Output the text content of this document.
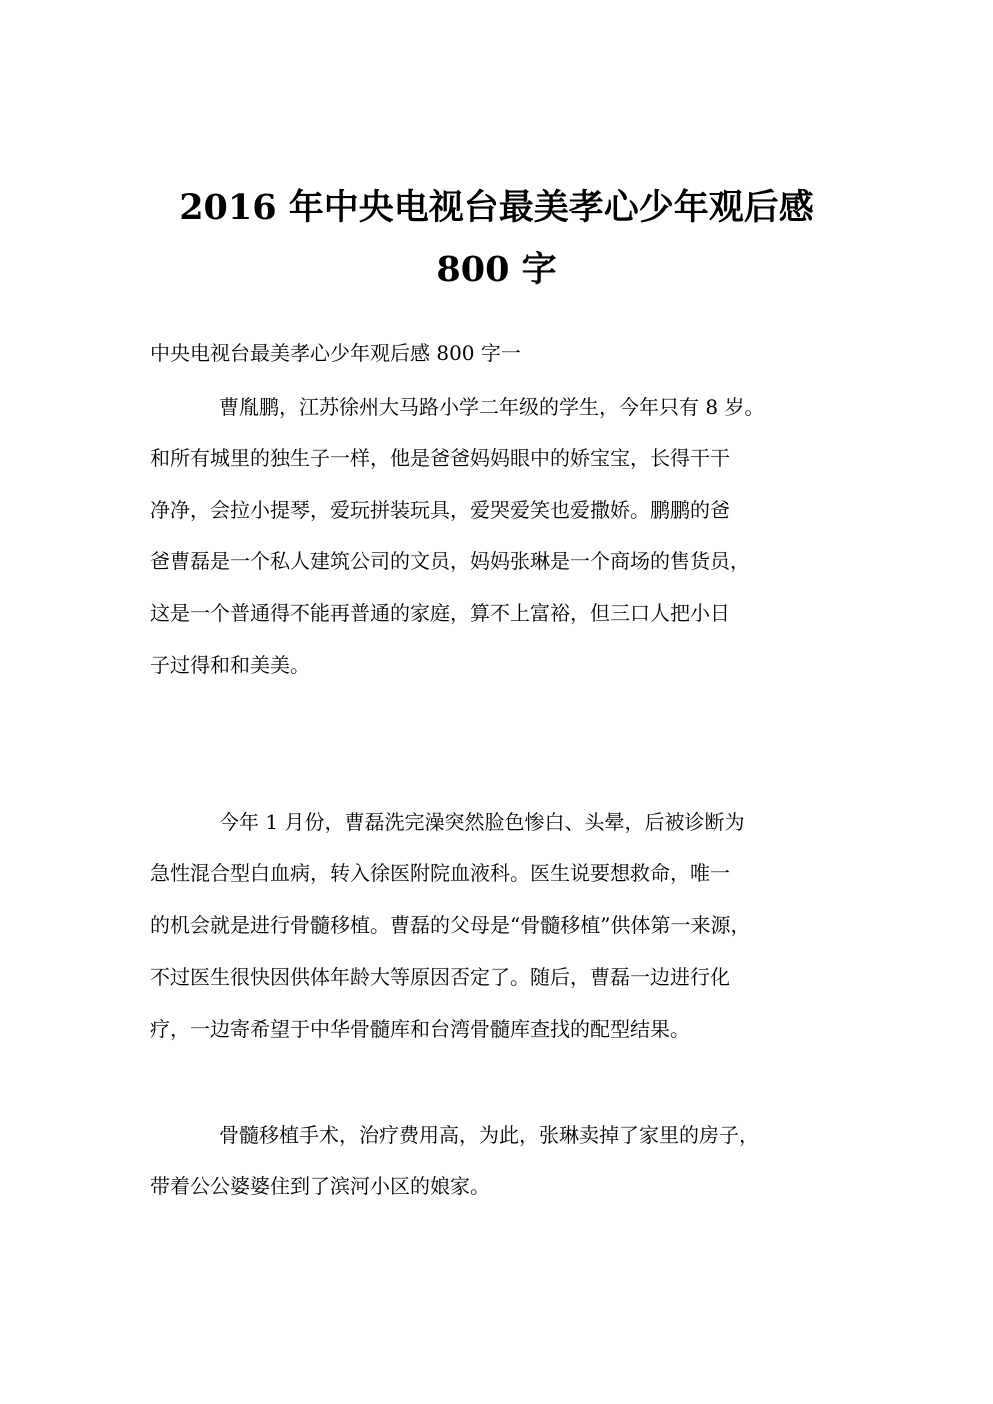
2016 年中央电视台最美孝心少年观后感
800 字
中央电视台最美孝心少年观后感 800 字一
曹胤鹏，江苏徐州大马路小学二年级的学生，今年只有 8 岁。
和所有城里的独生子一样，他是爸爸妈妈眼中的娇宝宝，长得干干
净净，会拉小提琴，爱玩拼装玩具，爱哭爱笑也爱撒娇。鹏鹏的爸
爸曹磊是一个私人建筑公司的文员，妈妈张琳是一个商场的售货员，
这是一个普通得不能再普通的家庭，算不上富裕，但三口人把小日
子过得和和美美。
今年 1 月份，曹磊洗完澡突然脸色惨白、头晕，后被诊断为
急性混合型白血病，转入徐医附院血液科。医生说要想救命，唯一
的机会就是进行骨髓移植。曹磊的父母是“骨髓移植”供体第一来源，
不过医生很快因供体年龄大等原因否定了。随后，曹磊一边进行化
疗，一边寄希望于中华骨髓库和台湾骨髓库查找的配型结果。
骨髓移植手术，治疗费用高，为此，张琳卖掉了家里的房子，
带着公公婆婆住到了滨河小区的娘家。
